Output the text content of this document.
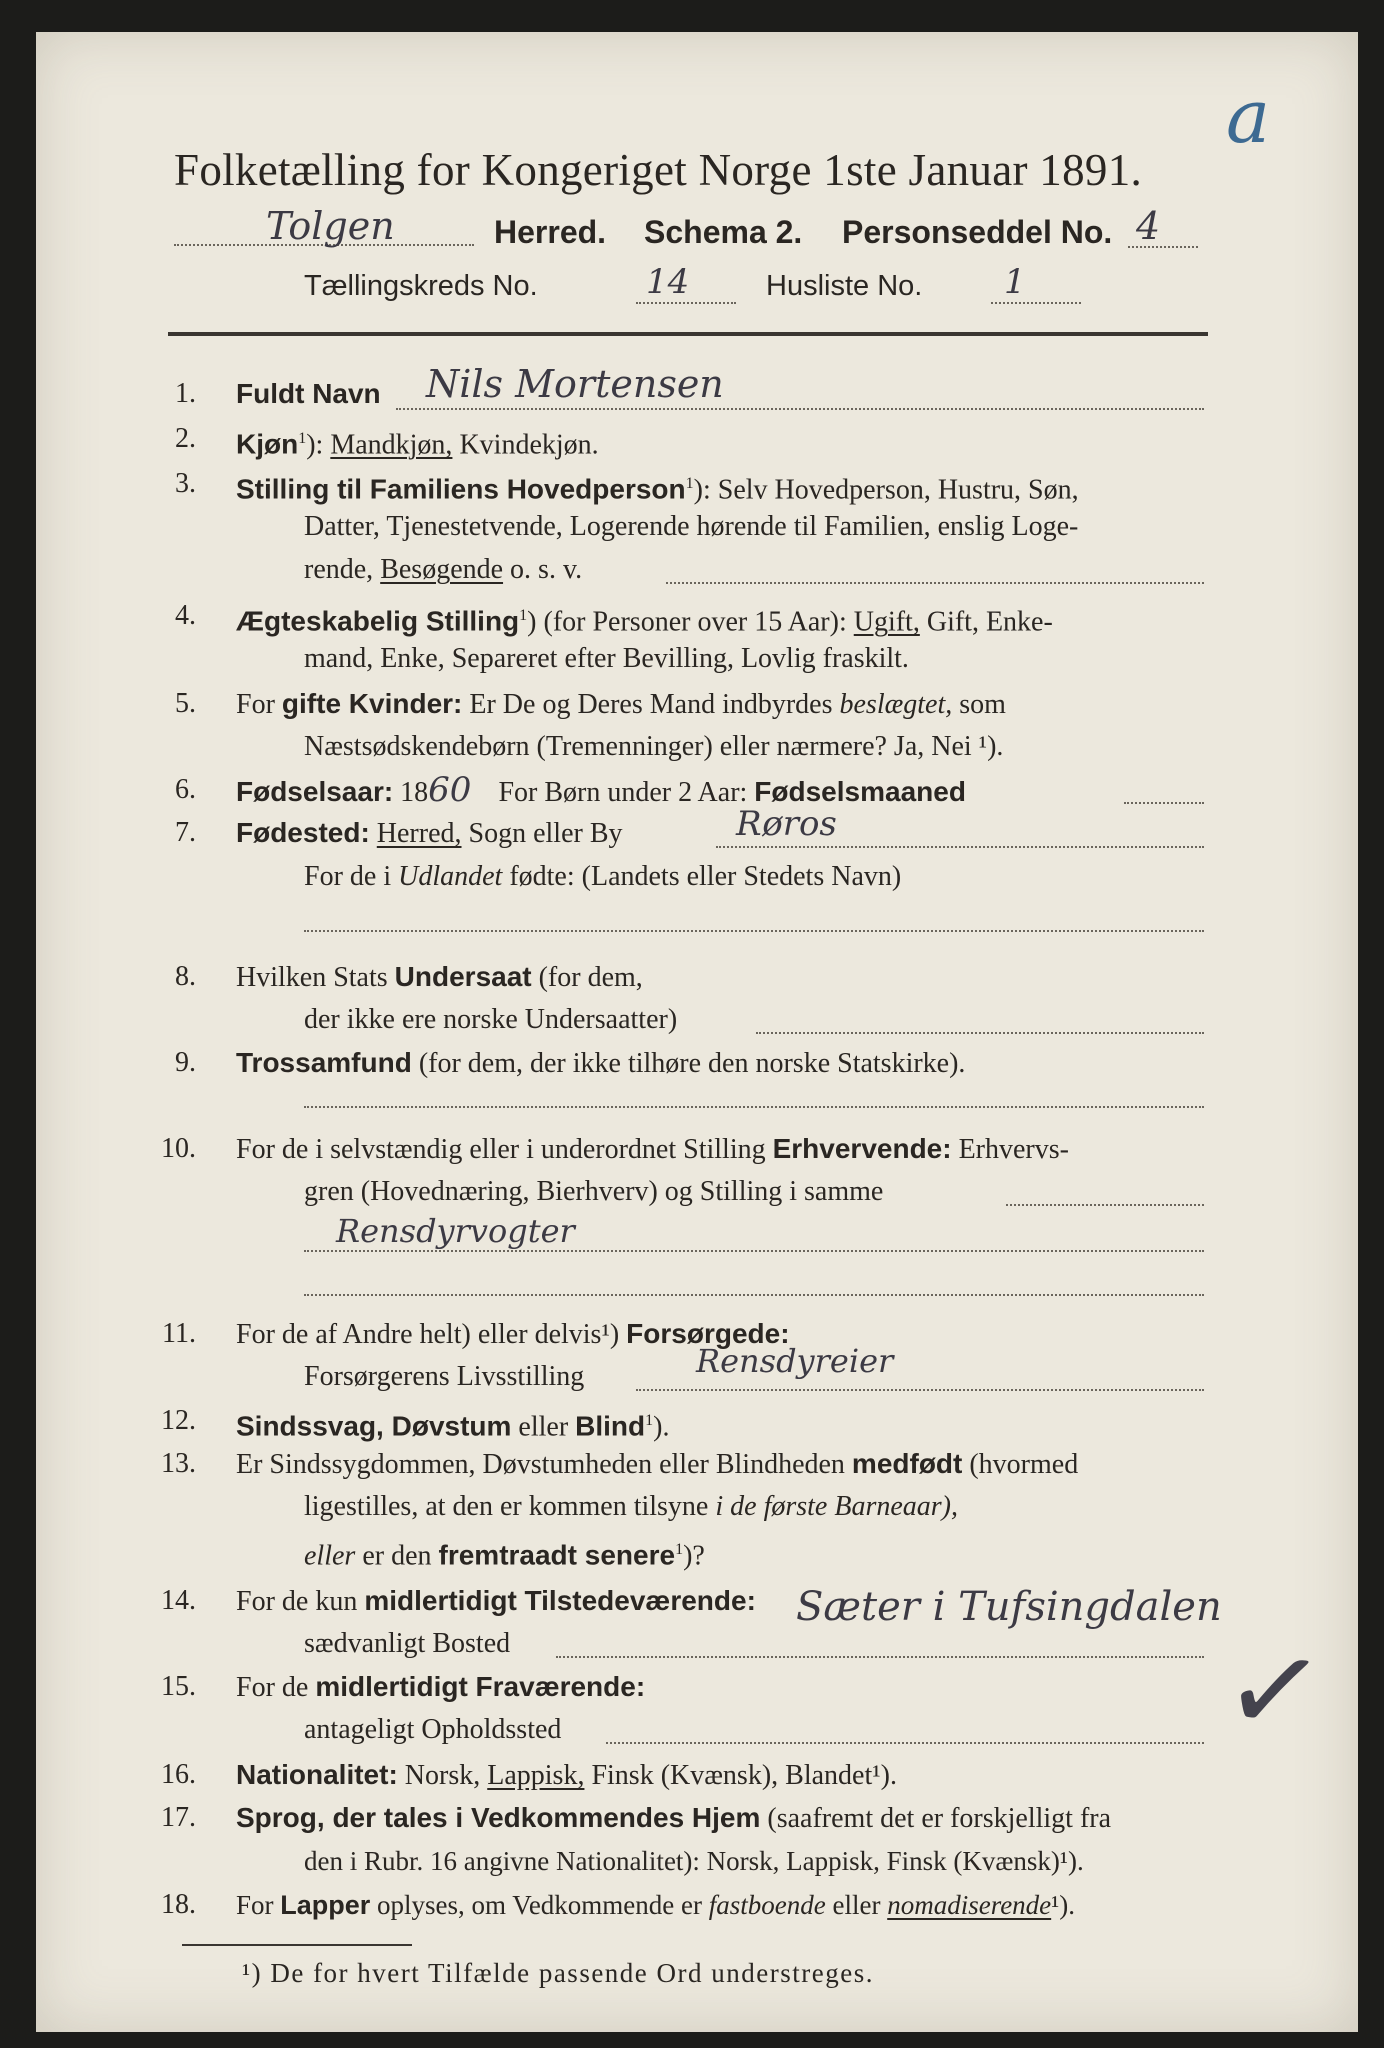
a
Folketælling for Kongeriget Norge 1ste Januar 1891.
Tolgen	Herred. Schema 2. Personseddel No. 4
Tællingskreds No.	14	Husliste No. 1
1. Fuldt Navn Nils Mortensen
2. Kjøn$^1$): Mandkjøn, Kvindekjøn.
3. Stilling til Familiens Hovedperson$^1$): Selv Hovedperson, Hustru, Søn,
Datter, Tjenestetvende, Logerende hørende til Familien, enslig Loge-
rende, Besøgende o. s. v.
4. Ægteskabelig Stilling$^1$) (for Personer over 15 Aar): Ugift, Gift, Enke-
mand, Enke, Separeret efter Bevilling, Lovlig fraskilt.
5. For gifte Kvinder: Er De og Deres Mand indbyrdes beslægtet, som
Næstsødskendebørn (Tremenninger) eller nærmere? Ja, Nei ¹).
6. Fødselsaar: 1860 For Børn under 2 Aar: Fødselsmaaned
7. Fødested: Herred, Sogn eller By	Røros
For de i Udlandet fødte: (Landets eller Stedets Navn)
8. Hvilken Stats Undersaat (for dem,
der ikke ere norske Undersaatter)
9. Trossamfund (for dem, der ikke tilhøre den norske Statskirke).
10. For de i selvstændig eller i underordnet Stilling Erhvervende: Erhvervs-
gren (Hovednæring, Bierhverv) og Stilling i samme
Rensdyrvogter
11. For de af Andre helt) eller delvis¹) Forsørgede:
Forsørgerens Livsstilling	Rensdyreier
12. Sindssvag, Døvstum eller Blind$^1$).
13. Er Sindssygdommen, Døvstumheden eller Blindheden medfødt (hvormed
ligestilles, at den er kommen tilsyne i de første Barneaar),
eller er den fremtraadt senere$^1$)?
14. For de kun midlertidigt Tilstedeværende:
sædvanligt Bosted
Sæter i Tufsingdalen
15. For de midlertidigt Fraværende:
antageligt Opholdssted	✓
16. Nationalitet: Norsk, Lappisk, Finsk (Kvænsk), Blandet¹).
17. Sprog, der tales i Vedkommendes Hjem (saafremt det er forskjelligt fra
den i Rubr. 16 angivne Nationalitet): Norsk, Lappisk, Finsk (Kvænsk)¹).
18. For Lapper oplyses, om Vedkommende er fastboende eller nomadiserende¹).
¹) De for hvert Tilfælde passende Ord understreges.
